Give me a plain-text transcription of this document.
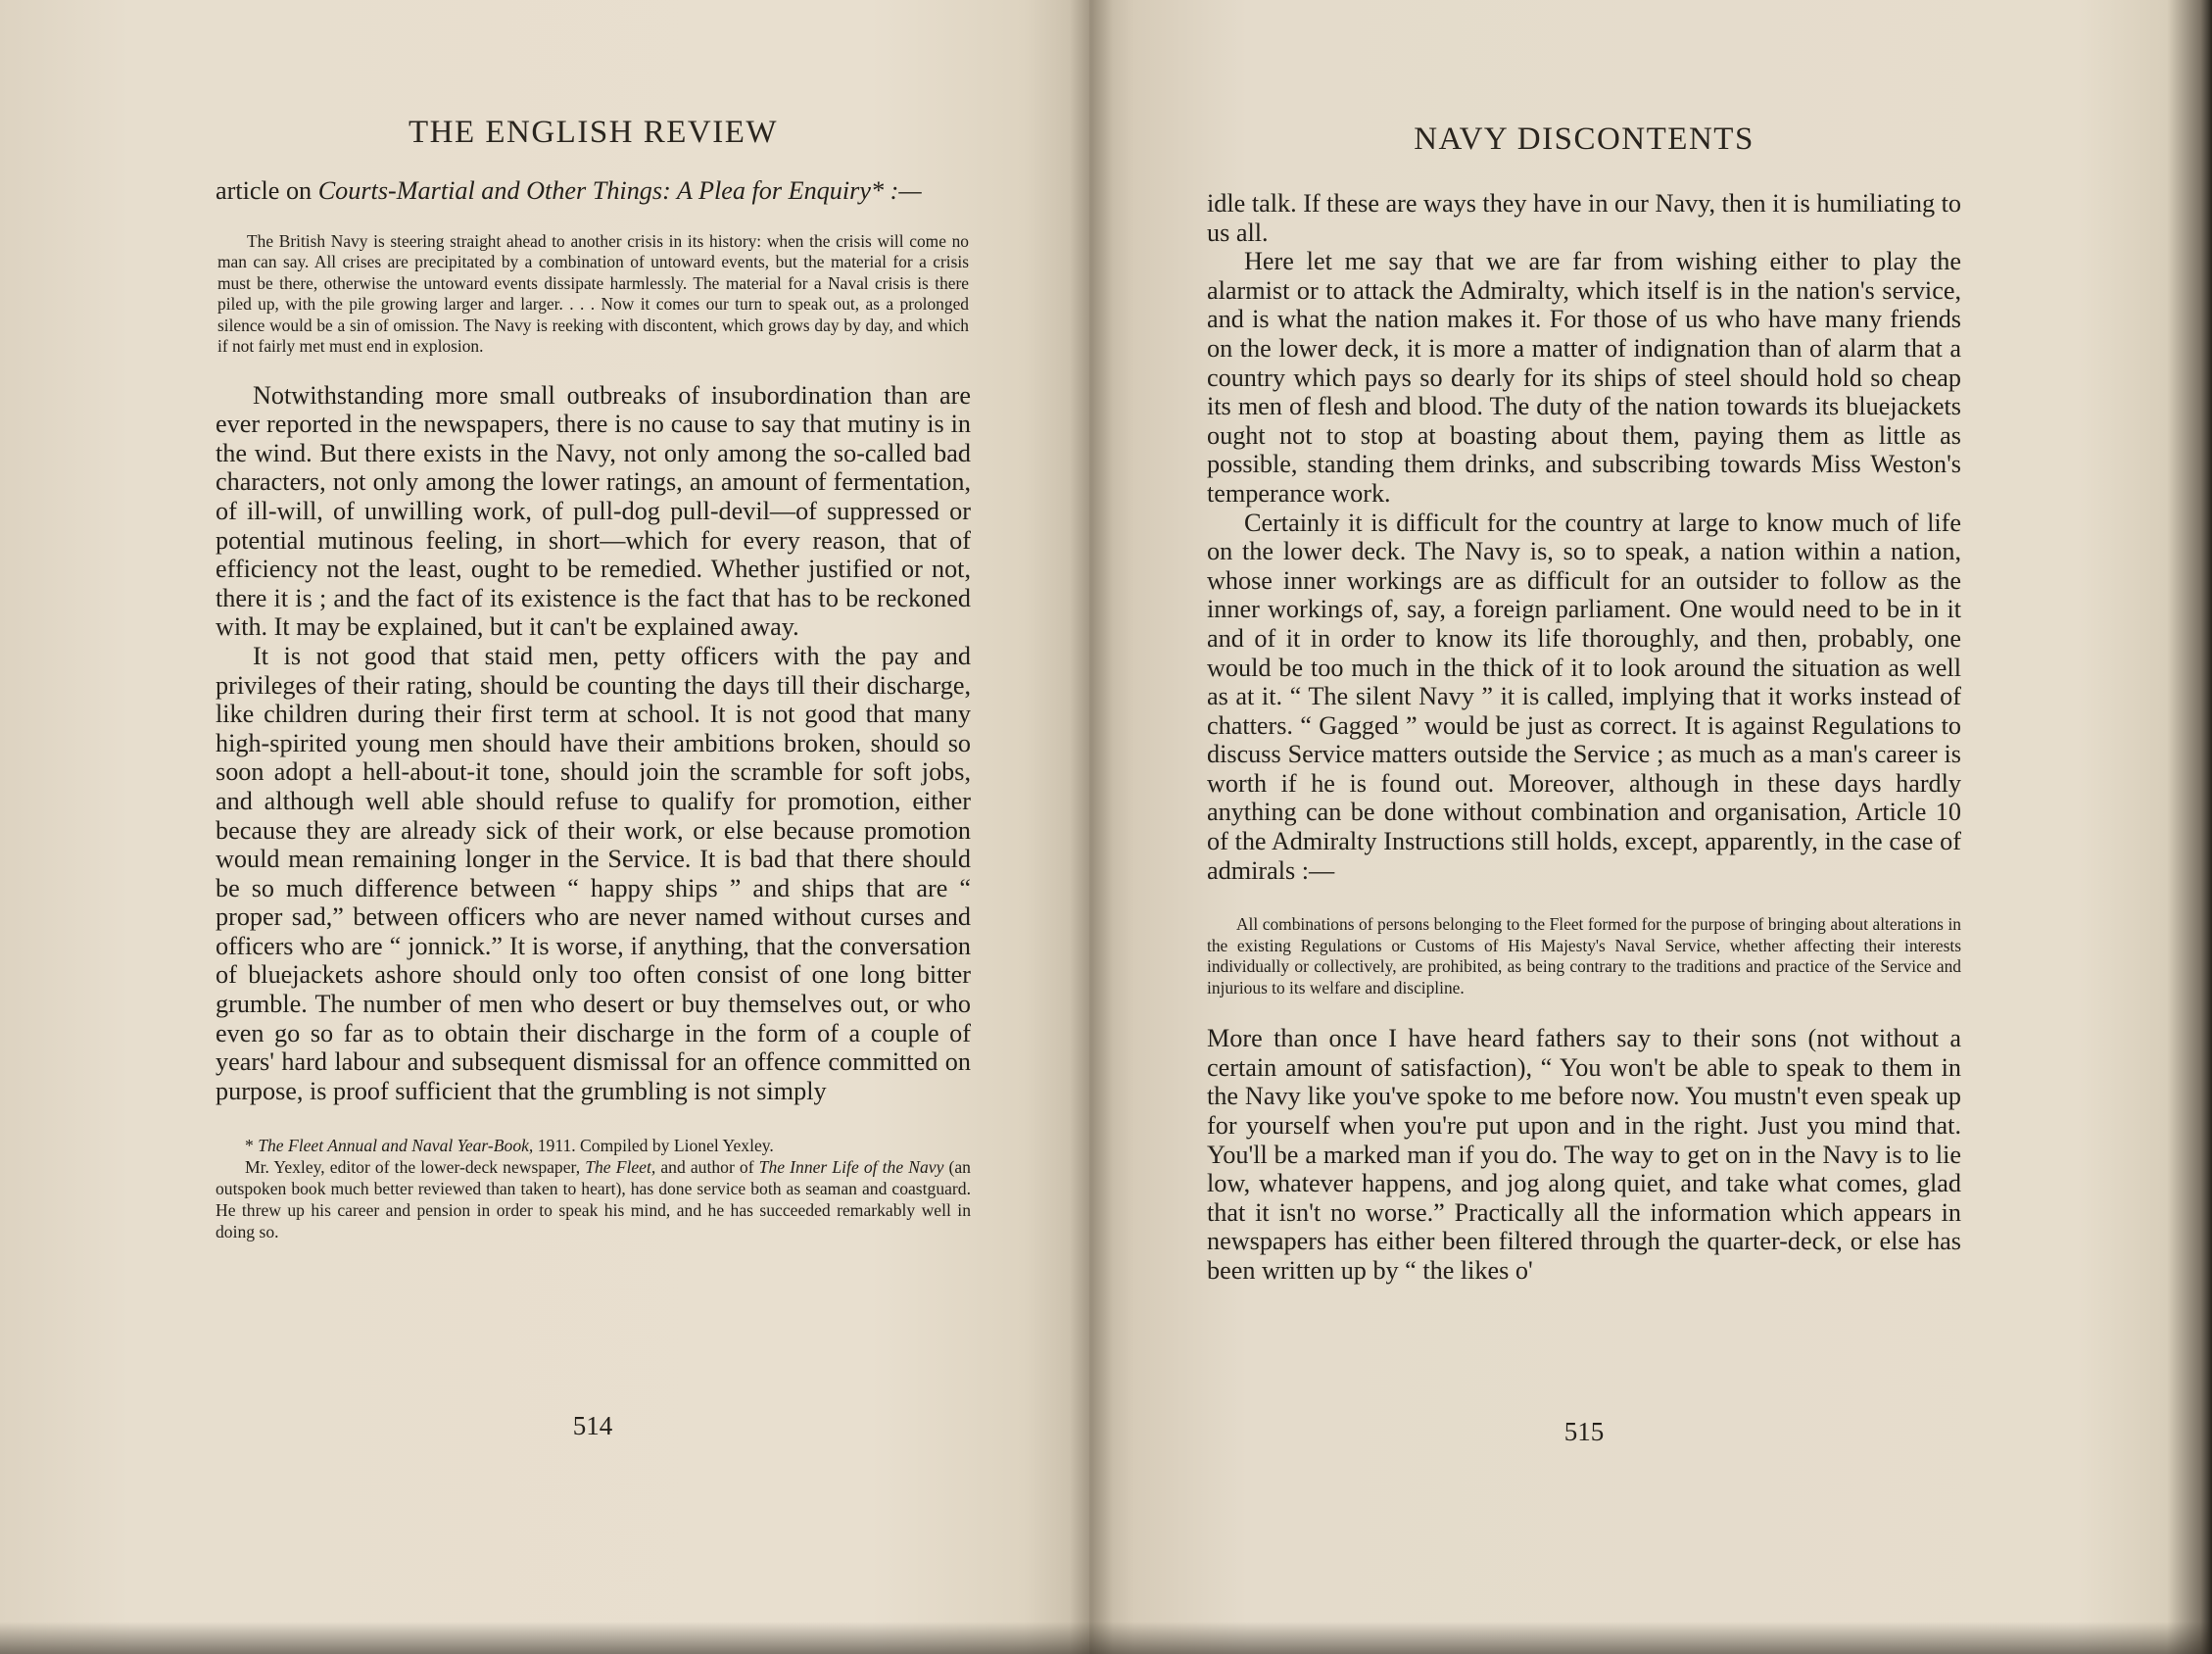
THE ENGLISH REVIEW

article on Courts-Martial and Other Things: A Plea for Enquiry* :—

The British Navy is steering straight ahead to another crisis in its history: when the crisis will come no man can say. All crises are precipitated by a combination of untoward events, but the material for a crisis must be there, otherwise the untoward events dissipate harmlessly. The material for a Naval crisis is there piled up, with the pile growing larger and larger. . . . Now it comes our turn to speak out, as a prolonged silence would be a sin of omission. The Navy is reeking with discontent, which grows day by day, and which if not fairly met must end in explosion.

Notwithstanding more small outbreaks of insubordination than are ever reported in the newspapers, there is no cause to say that mutiny is in the wind. But there exists in the Navy, not only among the so-called bad characters, not only among the lower ratings, an amount of fermentation, of ill-will, of unwilling work, of pull-dog pull-devil—of suppressed or potential mutinous feeling, in short—which for every reason, that of efficiency not the least, ought to be remedied. Whether justified or not, there it is ; and the fact of its existence is the fact that has to be reckoned with. It may be explained, but it can't be explained away.

It is not good that staid men, petty officers with the pay and privileges of their rating, should be counting the days till their discharge, like children during their first term at school. It is not good that many high-spirited young men should have their ambitions broken, should so soon adopt a hell-about-it tone, should join the scramble for soft jobs, and although well able should refuse to qualify for promotion, either because they are already sick of their work, or else because promotion would mean remaining longer in the Service. It is bad that there should be so much difference between “ happy ships ” and ships that are “ proper sad,” between officers who are never named without curses and officers who are “ jonnick.” It is worse, if anything, that the conversation of bluejackets ashore should only too often consist of one long bitter grumble. The number of men who desert or buy themselves out, or who even go so far as to obtain their discharge in the form of a couple of years' hard labour and subsequent dismissal for an offence committed on purpose, is proof sufficient that the grumbling is not simply

* The Fleet Annual and Naval Year-Book, 1911. Compiled by Lionel Yexley.

Mr. Yexley, editor of the lower-deck newspaper, The Fleet, and author of The Inner Life of the Navy (an outspoken book much better reviewed than taken to heart), has done service both as seaman and coastguard. He threw up his career and pension in order to speak his mind, and he has succeeded remarkably well in doing so.

514
NAVY DISCONTENTS

idle talk. If these are ways they have in our Navy, then it is humiliating to us all.

Here let me say that we are far from wishing either to play the alarmist or to attack the Admiralty, which itself is in the nation's service, and is what the nation makes it. For those of us who have many friends on the lower deck, it is more a matter of indignation than of alarm that a country which pays so dearly for its ships of steel should hold so cheap its men of flesh and blood. The duty of the nation towards its bluejackets ought not to stop at boasting about them, paying them as little as possible, standing them drinks, and subscribing towards Miss Weston's temperance work.

Certainly it is difficult for the country at large to know much of life on the lower deck. The Navy is, so to speak, a nation within a nation, whose inner workings are as difficult for an outsider to follow as the inner workings of, say, a foreign parliament. One would need to be in it and of it in order to know its life thoroughly, and then, probably, one would be too much in the thick of it to look around the situation as well as at it. “ The silent Navy ” it is called, implying that it works instead of chatters. “ Gagged ” would be just as correct. It is against Regulations to discuss Service matters outside the Service ; as much as a man's career is worth if he is found out. Moreover, although in these days hardly anything can be done without combination and organisation, Article 10 of the Admiralty Instructions still holds, except, apparently, in the case of admirals :—

All combinations of persons belonging to the Fleet formed for the purpose of bringing about alterations in the existing Regulations or Customs of His Majesty's Naval Service, whether affecting their interests individually or collectively, are prohibited, as being contrary to the traditions and practice of the Service and injurious to its welfare and discipline.

More than once I have heard fathers say to their sons (not without a certain amount of satisfaction), “ You won't be able to speak to them in the Navy like you've spoke to me before now. You mustn't even speak up for yourself when you're put upon and in the right. Just you mind that. You'll be a marked man if you do. The way to get on in the Navy is to lie low, whatever happens, and jog along quiet, and take what comes, glad that it isn't no worse.” Practically all the information which appears in newspapers has either been filtered through the quarter-deck, or else has been written up by “ the likes o'

515
